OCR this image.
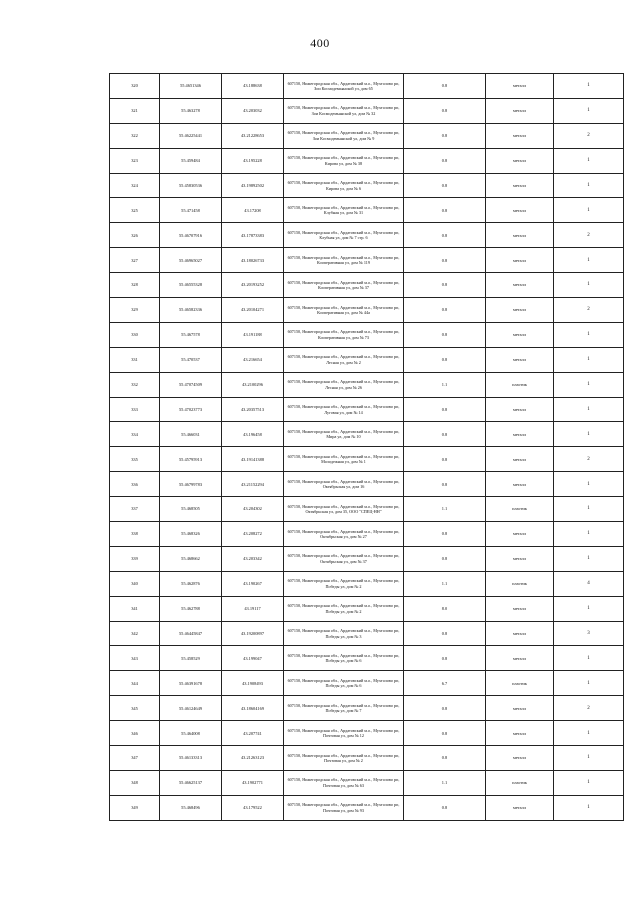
400
320	55.4651346	43.188638	607150, Нижегородская обл., Ардатовский м.о., Мухтолово рп, Зои Космодемьянской ул, дом 65	0.8	металл	1
321	55.463278	43.203032	607150, Нижегородская обл., Ардатовский м.о., Мухтолово рп, Зои Космодемьянской ул, дом № 32	0.8	металл	1
322	55.46225441	43.21228653	607150, Нижегородская обл., Ардатовский м.о., Мухтолово рп, Зои Космодемьянской ул, дом № 9	0.8	металл	2
323	55.459484	43.195228	607150, Нижегородская обл., Ардатовский м.о., Мухтолово рп, Кирова ул, дом № 38	0.8	металл	1
324	55.45830536	43.19892502	607150, Нижегородская обл., Ардатовский м.о., Мухтолово рп, Кирова ул, дом № 6	0.8	металл	1
325	55.471458	43.17208	607150, Нижегородская обл., Ардатовский м.о., Мухтолово рп, Клубная ул, дом № 31	0.8	металл	1
326	55.46707916	43.17873383	607150, Нижегородская обл., Ардатовский м.о., Мухтолово рп, Клубная ул, дом № 7 стр. 6	0.8	металл	2
327	55.46965027	43.18026733	607150, Нижегородская обл., Ардатовский м.о., Мухтолово рп, Кооперативная ул, дом № 119	0.8	металл	1
328	55.46555328	43.20193252	607150, Нижегородская обл., Ардатовский м.о., Мухтолово рп, Кооперативная ул, дом № 37	0.8	металл	1
329	55.46582336	43.20104271	607150, Нижегородская обл., Ардатовский м.о., Мухтолово рп, Кооперативная ул, дом № 44а	0.8	металл	2
330	55.467578	43.191188	607150, Нижегородская обл., Ардатовский м.о., Мухтолово рп, Кооперативная ул, дом № 73	0.8	металл	1
331	55.470537	43.216654	607150, Нижегородская обл., Ардатовский м.о., Мухтолово рп, Лесная ул, дом № 2	0.8	металл	1
332	55.47074509	43.2100296	607150, Нижегородская обл., Ардатовский м.о., Мухтолово рп, Лесная ул, дом № 26	1.1	пластик	1
333	55.47023773	43.20357513	607150, Нижегородская обл., Ардатовский м.о., Мухтолово рп, Луговая ул, дом № 14	0.8	металл	1
334	55.466031	43.196458	607150, Нижегородская обл., Ардатовский м.о., Мухтолово рп, Мира ул, дом № 10	0.8	металл	1
335	55.45795913	43.19141388	607150, Нижегородская обл., Ардатовский м.о., Мухтолово рп, Молодежная ул, дом № 1	0.8	металл	2
336	55.46799783	43.21152294	607150, Нижегородская обл., Ардатовский м.о., Мухтолово рп, Октябрьская ул, дом 16	0.8	металл	1
337	55.468505	43.204302	607150, Нижегородская обл., Ардатовский м.о., Мухтолово рп, Октябрьская ул, дом 35, ООО "СПЕЦ-НН"	1.1	пластик	1
338	55.468326	43.208272	607150, Нижегородская обл., Ардатовский м.о., Мухтолово рп, Октябрьская ул, дом № 27	0.8	металл	1
339	55.468662	43.203342	607150, Нижегородская обл., Ардатовский м.о., Мухтолово рп, Октябрьская ул, дом № 37	0.8	металл	1
340	55.462876	43.190267	607150, Нижегородская обл., Ардатовский м.о., Мухтолово рп, Победы ул, дом № 2	1.1	пластик	4
341	55.462788	43.19117	607150, Нижегородская обл., Ардатовский м.о., Мухтолово рп, Победы ул, дом № 2	8.0	металл	1
342	55.46445847	43.19200897	607150, Нижегородская обл., Ардатовский м.о., Мухтолово рп, Победы ул, дом № 3	0.8	металл	3
343	55.458529	43.199047	607150, Нижегородская обл., Ардатовский м.о., Мухтолово рп, Победы ул, дом № 6	0.8	металл	1
344	55.46391678	43.1908493	607150, Нижегородская обл., Ардатовский м.о., Мухтолово рп, Победы ул, дом № 6	6.7	пластик	1
345	55.46124649	43.18604169	607150, Нижегородская обл., Ардатовский м.о., Мухтолово рп, Победы ул, дом № 7	0.8	металл	2
346	55.464008	43.207741	607150, Нижегородская обл., Ардатовский м.о., Мухтолово рп, Почтовая ул, дом № 12	0.8	металл	1
347	55.46133313	43.21263123	607150, Нижегородская обл., Ардатовский м.о., Мухтолово рп, Почтовая ул, дом № 2	0.8	металл	1
348	55.46625137	43.1902771	607150, Нижегородская обл., Ардатовский м.о., Мухтолово рп, Почтовая ул, дом № 63	1.1	пластик	1
349	55.468496	43.179522	607150, Нижегородская обл., Ардатовский м.о., Мухтолово рп, Почтовая ул, дом № 93	0.8	металл	1
